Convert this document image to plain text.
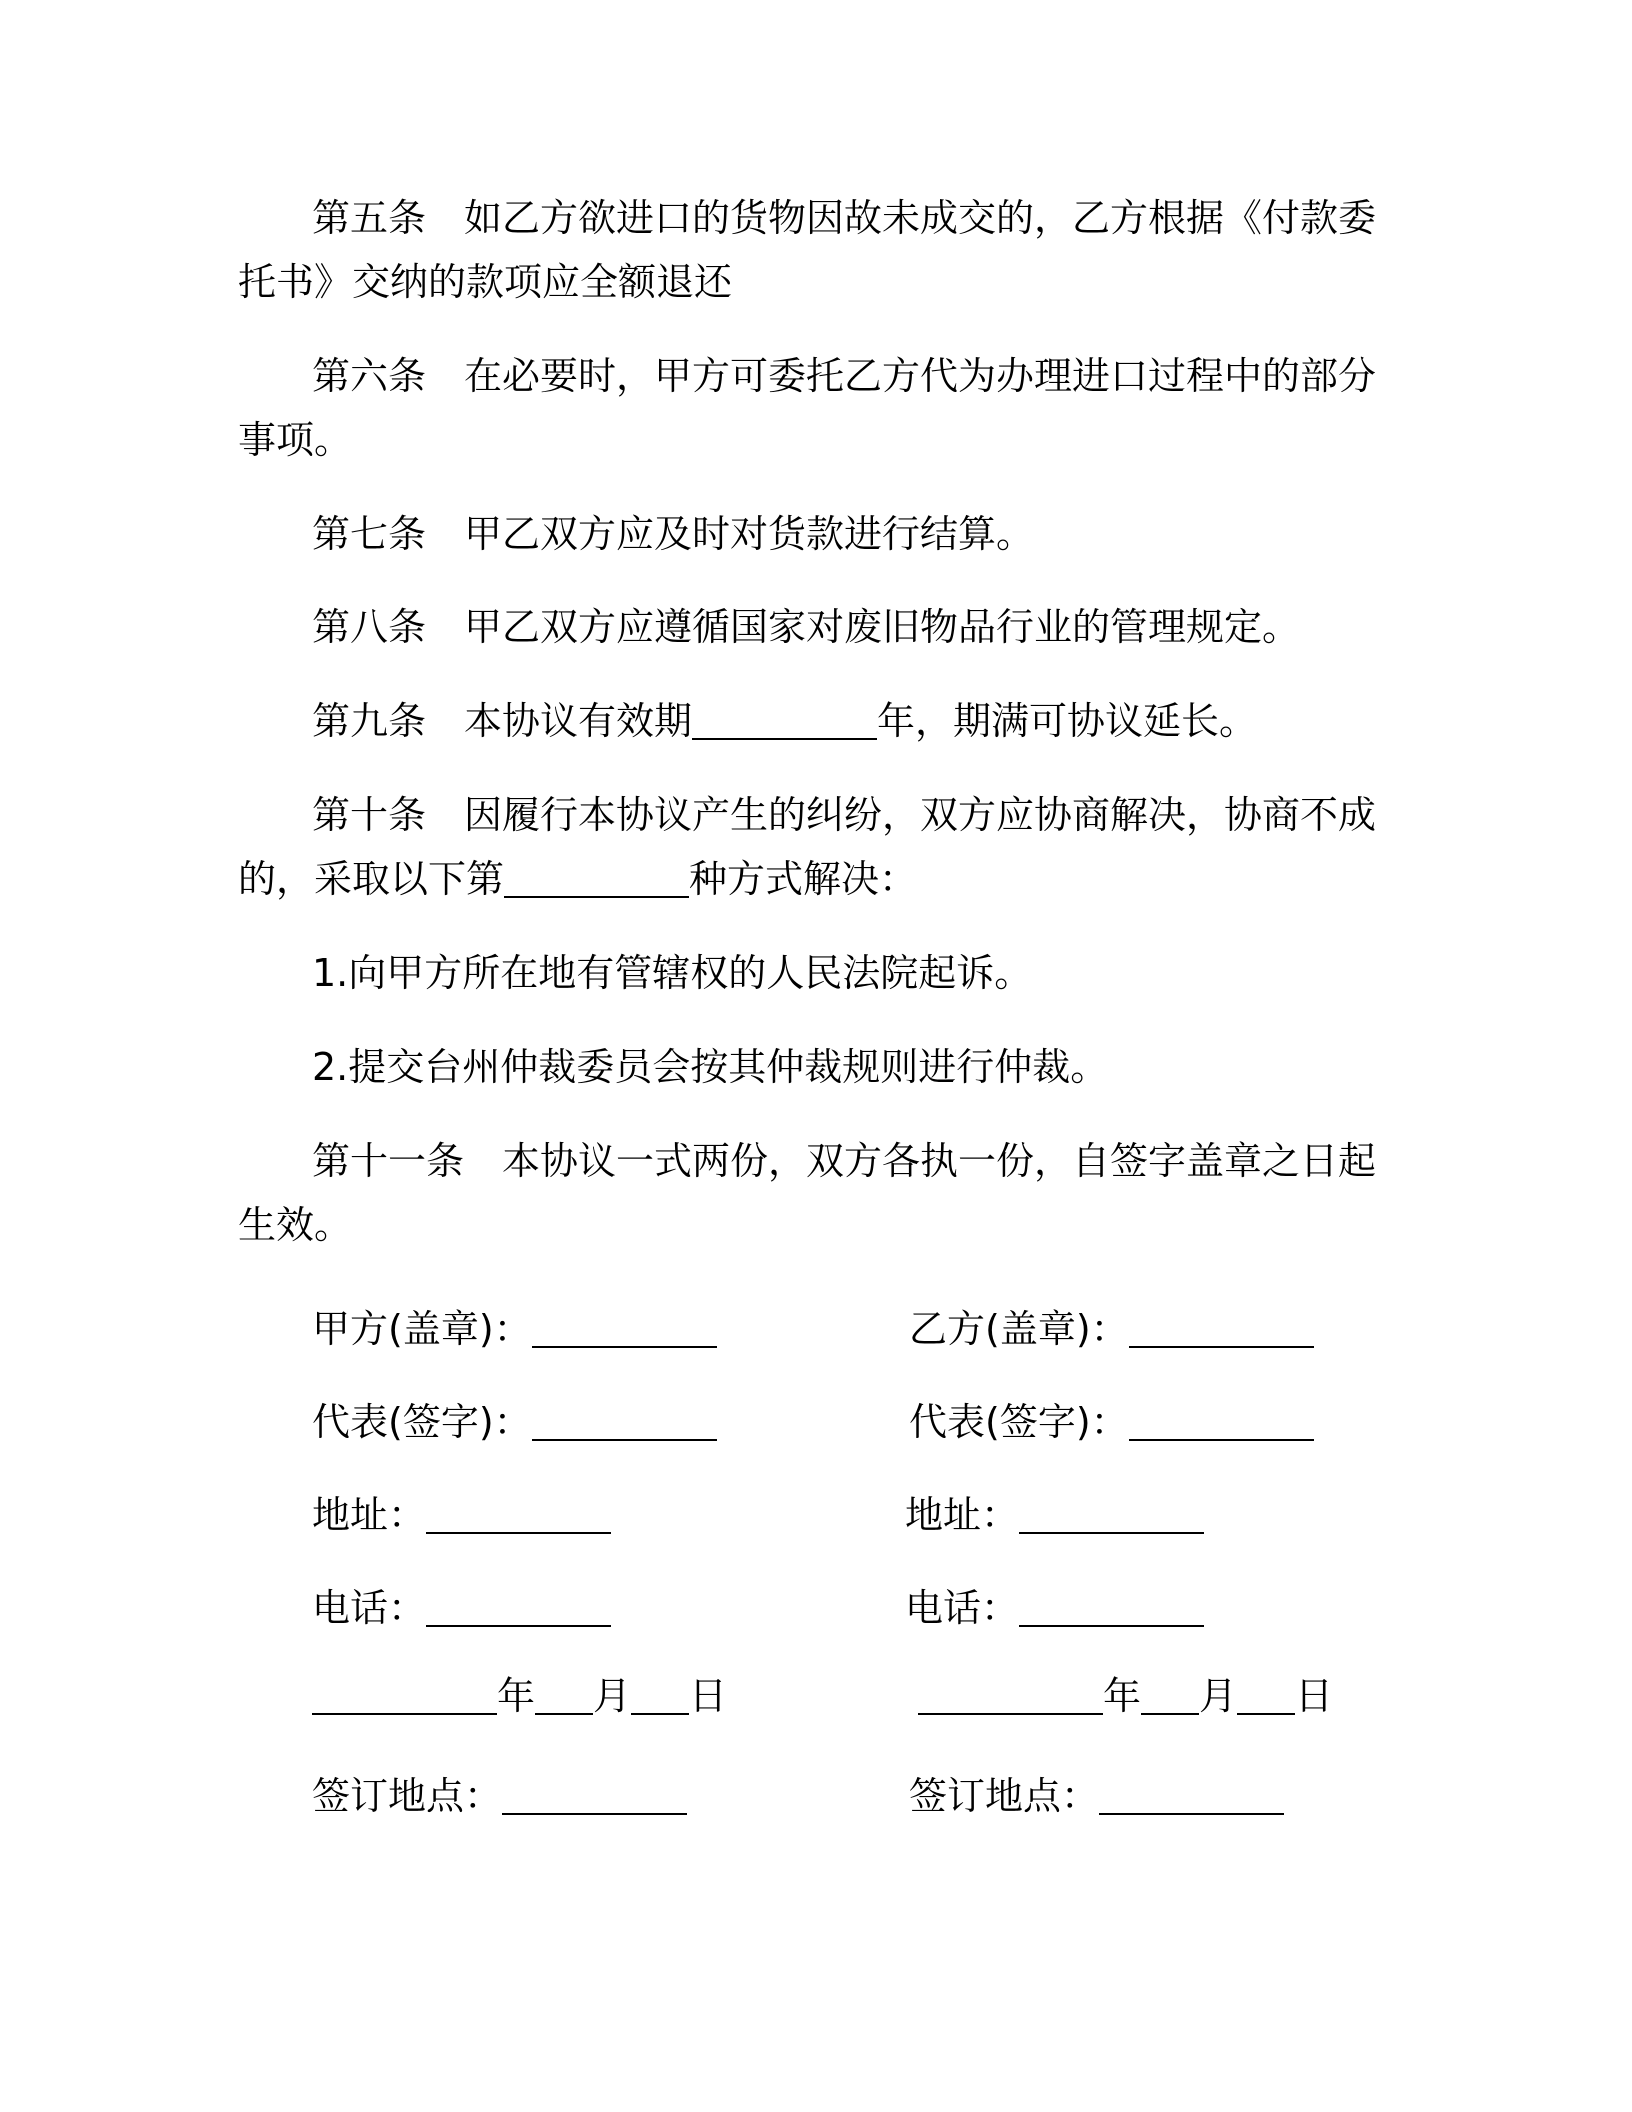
第五条　 如乙方欲进口的货物因故未成交的，乙方根据《付款委
托书》交纳的款项应全额退还
第六条　 在必要时，甲方可委托乙方代为办理进口过程中的部分
事项。
第七条　 甲乙双方应及时对货款进行结算。
第八条　 甲乙双方应遵循国家对废旧物品行业的管理规定。
第九条　 本协议有效期	年，期满可协议延长。
第十条　 因履行本协议产生的纠纷，双方应协商解决，协商不成
的，采取以下第	种方式解决：
1.向甲方所在地有管辖权的人民法院起诉。
2.提交台州仲裁委员会按其仲裁规则进行仲裁。
第十一条　 本协议一式两份，双方各执一份，自签字盖章之日起
生效。
甲方(盖章)：
代表(签字)：
地址：
电话：
年 月 日
签订地点：
乙方(盖章)：
代表(签字)：
地址：
电话：
年 月 日
签订地点：
